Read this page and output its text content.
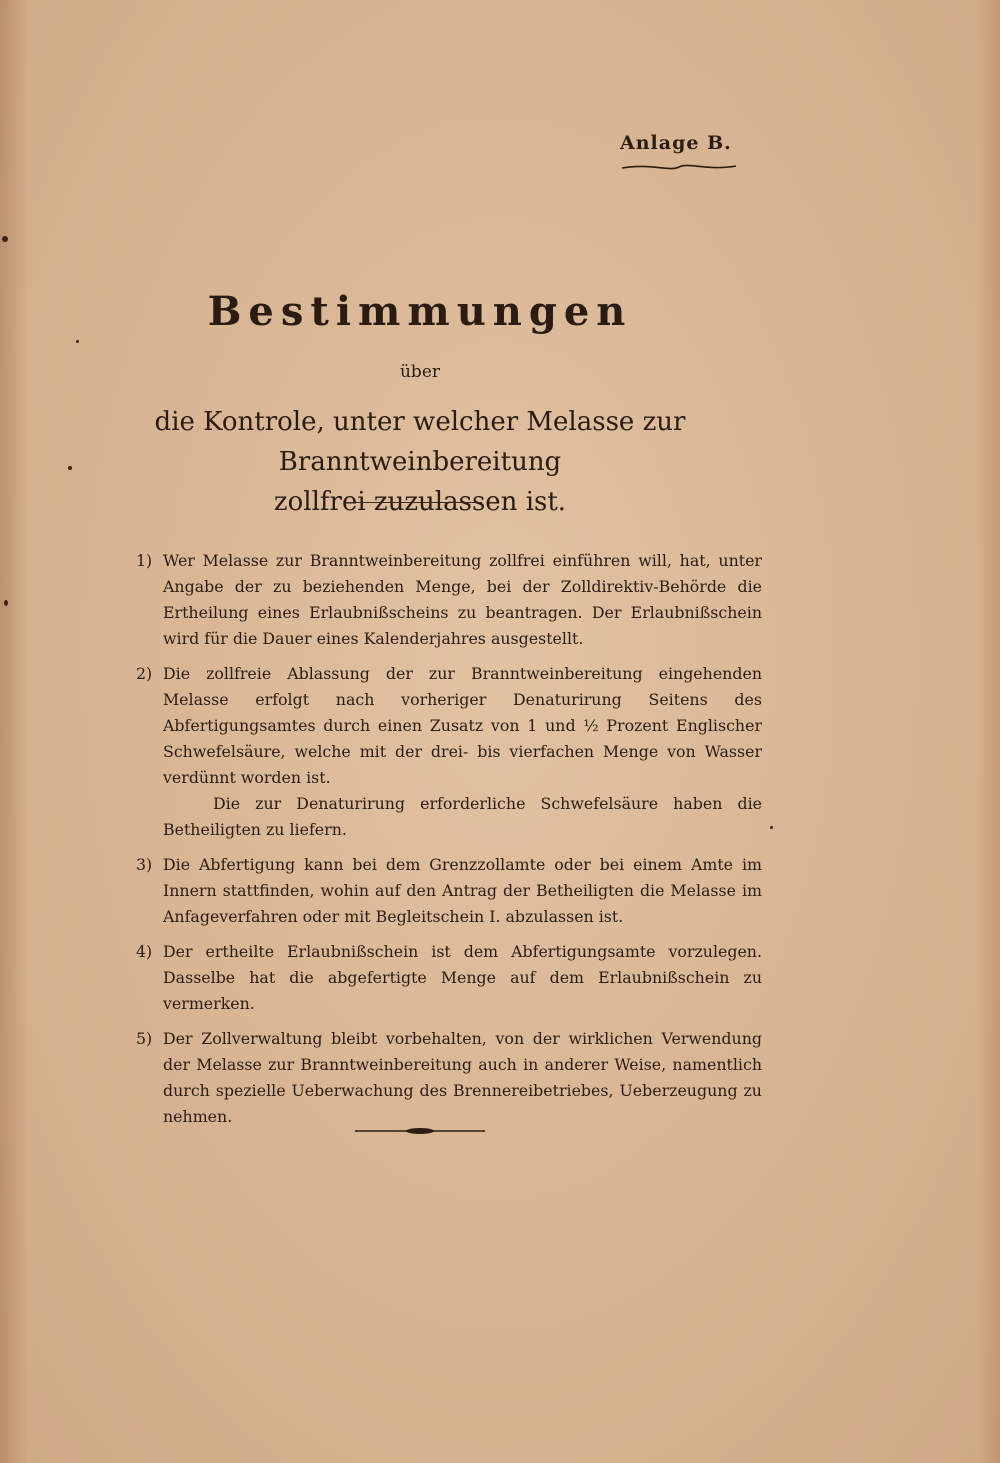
Anlage B.
Bestimmungen
über
die Kontrole, unter welcher Melasse zur Branntweinbereitung
zollfrei zuzulassen ist.
1) Wer Melasse zur Branntweinbereitung zollfrei einführen will, hat, unter Angabe der zu beziehenden Menge, bei der Zolldirektiv-Behörde die Ertheilung eines Erlaubnißscheins zu beantragen. Der Erlaubnißschein wird für die Dauer eines Kalenderjahres ausgestellt.

2) Die zollfreie Ablassung der zur Branntweinbereitung eingehenden Melasse erfolgt nach vorheriger Denaturirung Seitens des Abfertigungsamtes durch einen Zusatz von 1 und ½ Prozent Englischer Schwefelsäure, welche mit der drei- bis vierfachen Menge von Wasser verdünnt worden ist.

Die zur Denaturirung erforderliche Schwefelsäure haben die Betheiligten zu liefern.

3) Die Abfertigung kann bei dem Grenzzollamte oder bei einem Amte im Innern stattfinden, wohin auf den Antrag der Betheiligten die Melasse im Anfageverfahren oder mit Begleitschein I. abzulassen ist.

4) Der ertheilte Erlaubnißschein ist dem Abfertigungsamte vorzulegen. Dasselbe hat die abgefertigte Menge auf dem Erlaubnißschein zu vermerken.

5) Der Zollverwaltung bleibt vorbehalten, von der wirklichen Verwendung der Melasse zur Branntweinbereitung auch in anderer Weise, namentlich durch spezielle Ueberwachung des Brennereibetriebes, Ueberzeugung zu nehmen.
